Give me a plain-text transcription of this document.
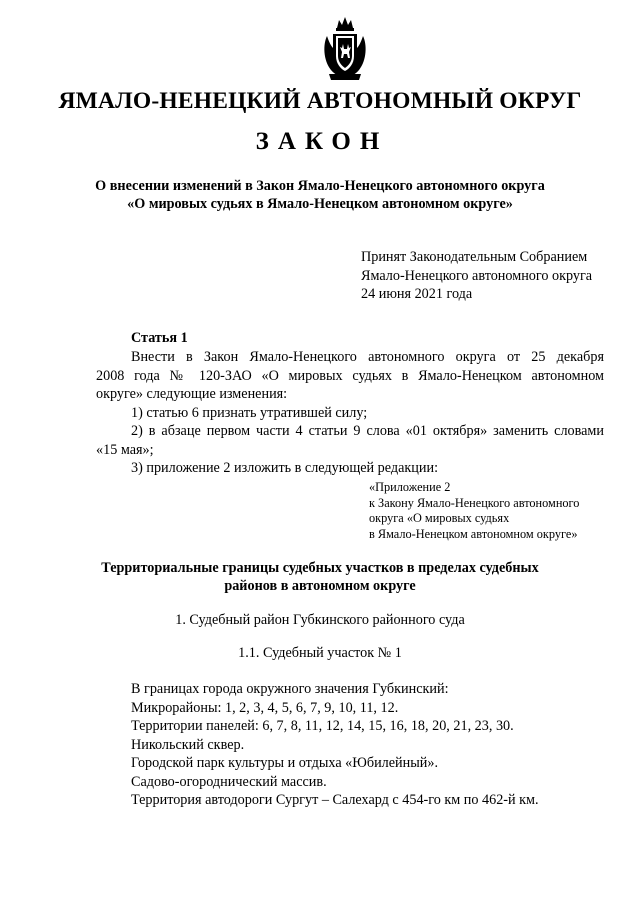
ЯМАЛО-НЕНЕЦКИЙ АВТОНОМНЫЙ ОКРУГ
ЗАКОН
О внесении изменений в Закон Ямало-Ненецкого автономного округа
«О мировых судьях в Ямало-Ненецком автономном округе»
Принят Законодательным Собранием
Ямало-Ненецкого автономного округа
24 июня 2021 года
Статья 1
Внести в Закон Ямало-Ненецкого автономного округа от 25 декабря
2008 года № 120-ЗАО «О мировых судьях в Ямало-Ненецком автономном
округе» следующие изменения:
1) статью 6 признать утратившей силу;
2) в абзаце первом части 4 статьи 9 слова «01 октября» заменить словами
«15 мая»;
3) приложение 2 изложить в следующей редакции:
«Приложение 2
к Закону Ямало-Ненецкого автономного
округа «О мировых судьях
в Ямало-Ненецком автономном округе»
Территориальные границы судебных участков в пределах судебных
районов в автономном округе
1. Судебный район Губкинского районного суда
1.1. Судебный участок № 1
В границах города окружного значения Губкинский:
Микрорайоны: 1, 2, 3, 4, 5, 6, 7, 9, 10, 11, 12.
Территории панелей: 6, 7, 8, 11, 12, 14, 15, 16, 18, 20, 21, 23, 30.
Никольский сквер.
Городской парк культуры и отдыха «Юбилейный».
Садово-огороднический массив.
Территория автодороги Сургут – Салехард с 454-го км по 462-й км.
